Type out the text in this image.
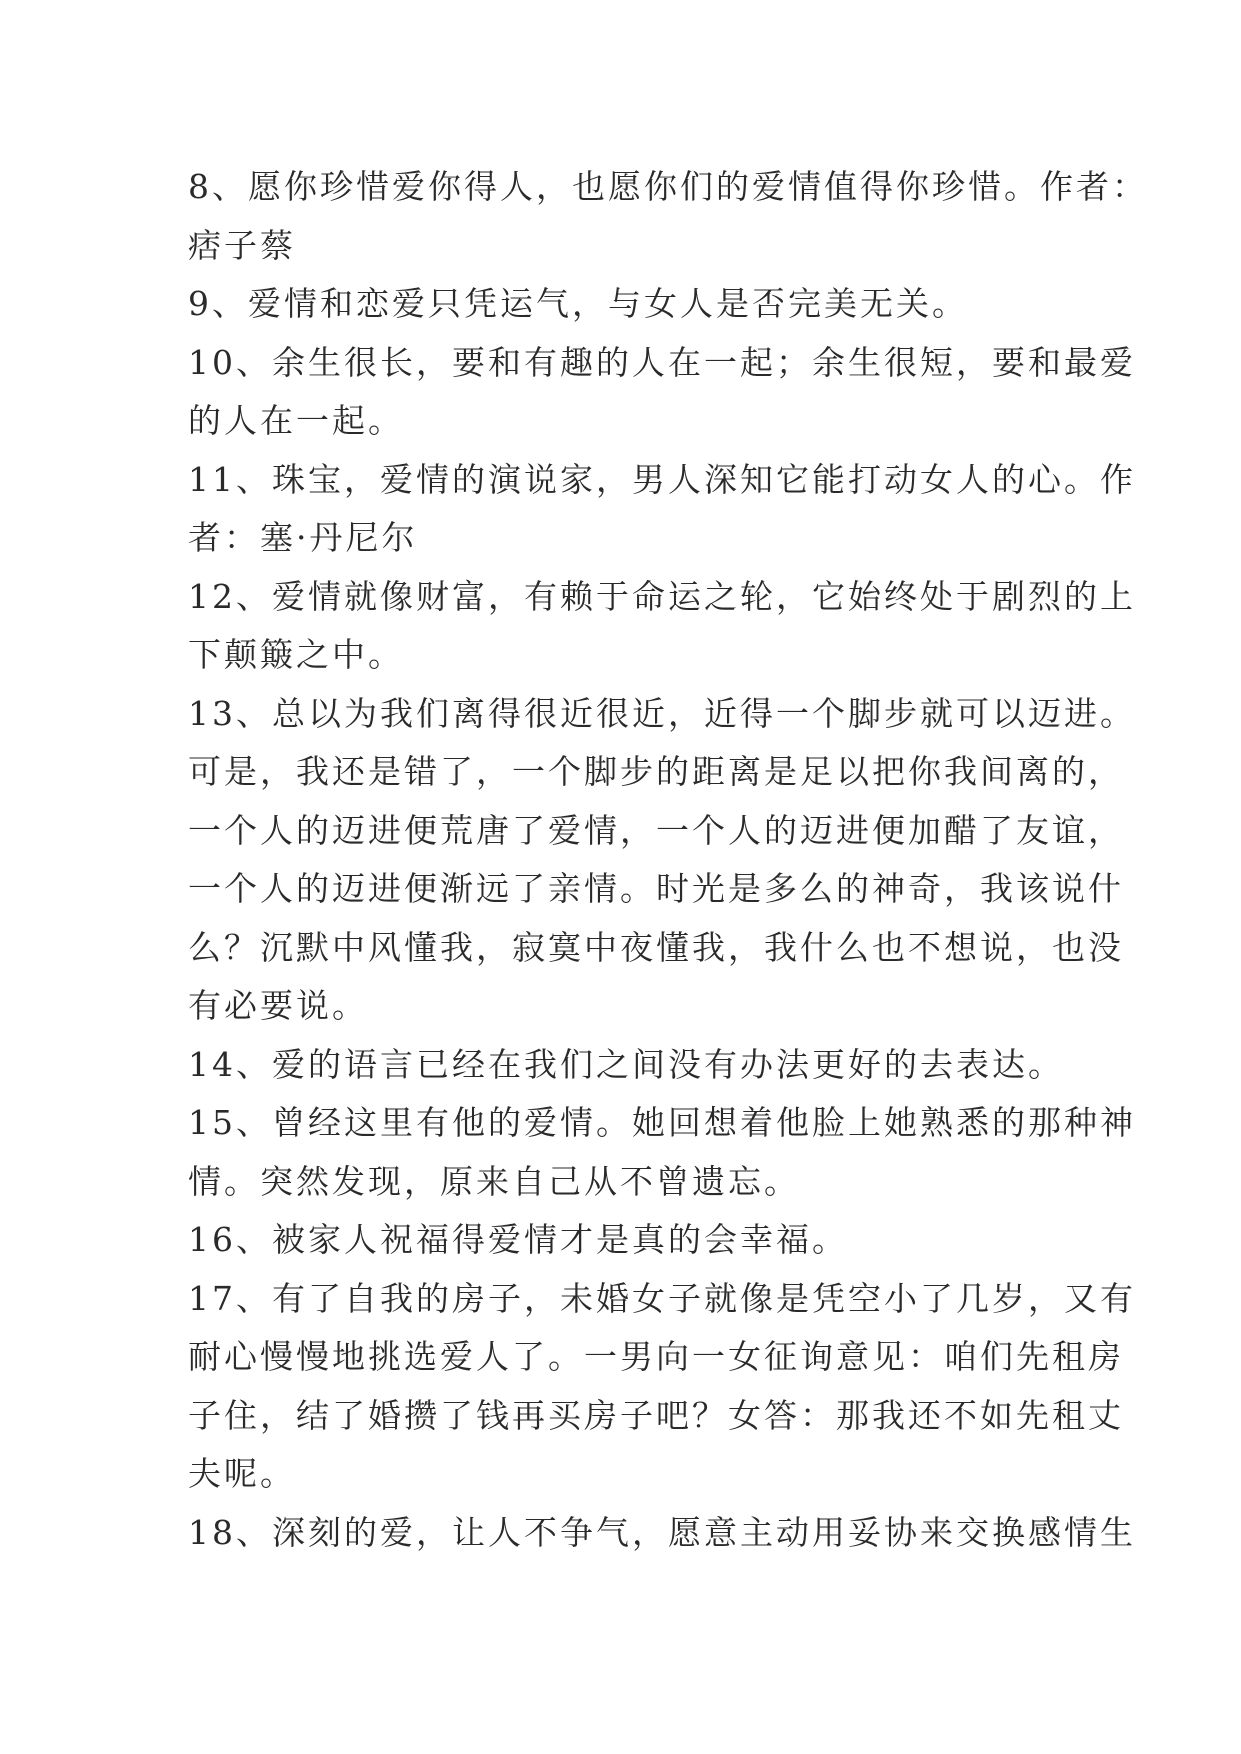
8、愿你珍惜爱你得人，也愿你们的爱情值得你珍惜。作者：
痞子蔡
9、爱情和恋爱只凭运气，与女人是否完美无关。
10、余生很长，要和有趣的人在一起；余生很短，要和最爱
的人在一起。
11、珠宝，爱情的演说家，男人深知它能打动女人的心。作
者：塞·丹尼尔
12、爱情就像财富，有赖于命运之轮，它始终处于剧烈的上
下颠簸之中。
13、总以为我们离得很近很近，近得一个脚步就可以迈进。
可是，我还是错了，一个脚步的距离是足以把你我间离的，
一个人的迈进便荒唐了爱情，一个人的迈进便加醋了友谊，
一个人的迈进便渐远了亲情。时光是多么的神奇，我该说什
么？沉默中风懂我，寂寞中夜懂我，我什么也不想说，也没
有必要说。
14、爱的语言已经在我们之间没有办法更好的去表达。
15、曾经这里有他的爱情。她回想着他脸上她熟悉的那种神
情。突然发现，原来自己从不曾遗忘。
16、被家人祝福得爱情才是真的会幸福。
17、有了自我的房子，未婚女子就像是凭空小了几岁，又有
耐心慢慢地挑选爱人了。一男向一女征询意见：咱们先租房
子住，结了婚攒了钱再买房子吧？女答：那我还不如先租丈
夫呢。
18、深刻的爱，让人不争气，愿意主动用妥协来交换感情生
